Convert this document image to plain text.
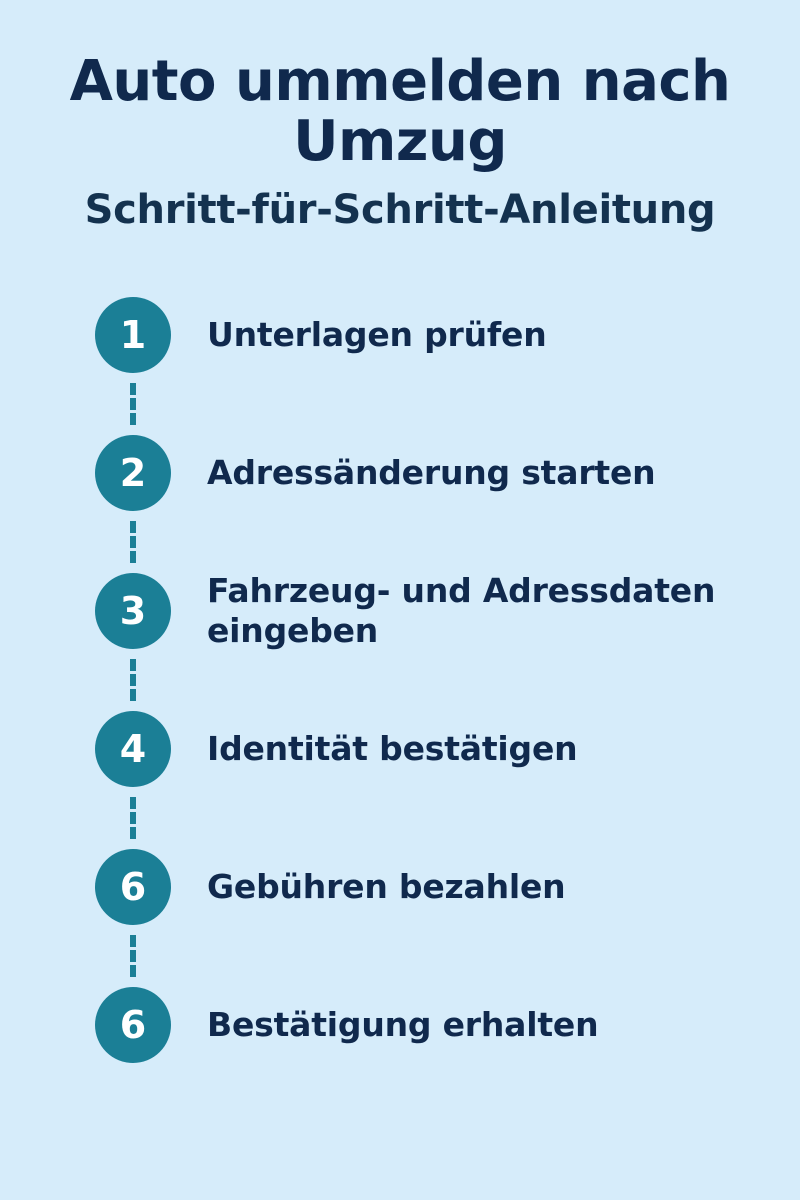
Auto ummelden nach Umzug
Schritt-für-Schritt-Anleitung
1	Unterlagen prüfen
2	Adressänderung starten
3	Fahrzeug- und Adressdaten eingeben
4	Identität bestätigen
6	Gebühren bezahlen
6	Bestätigung erhalten
